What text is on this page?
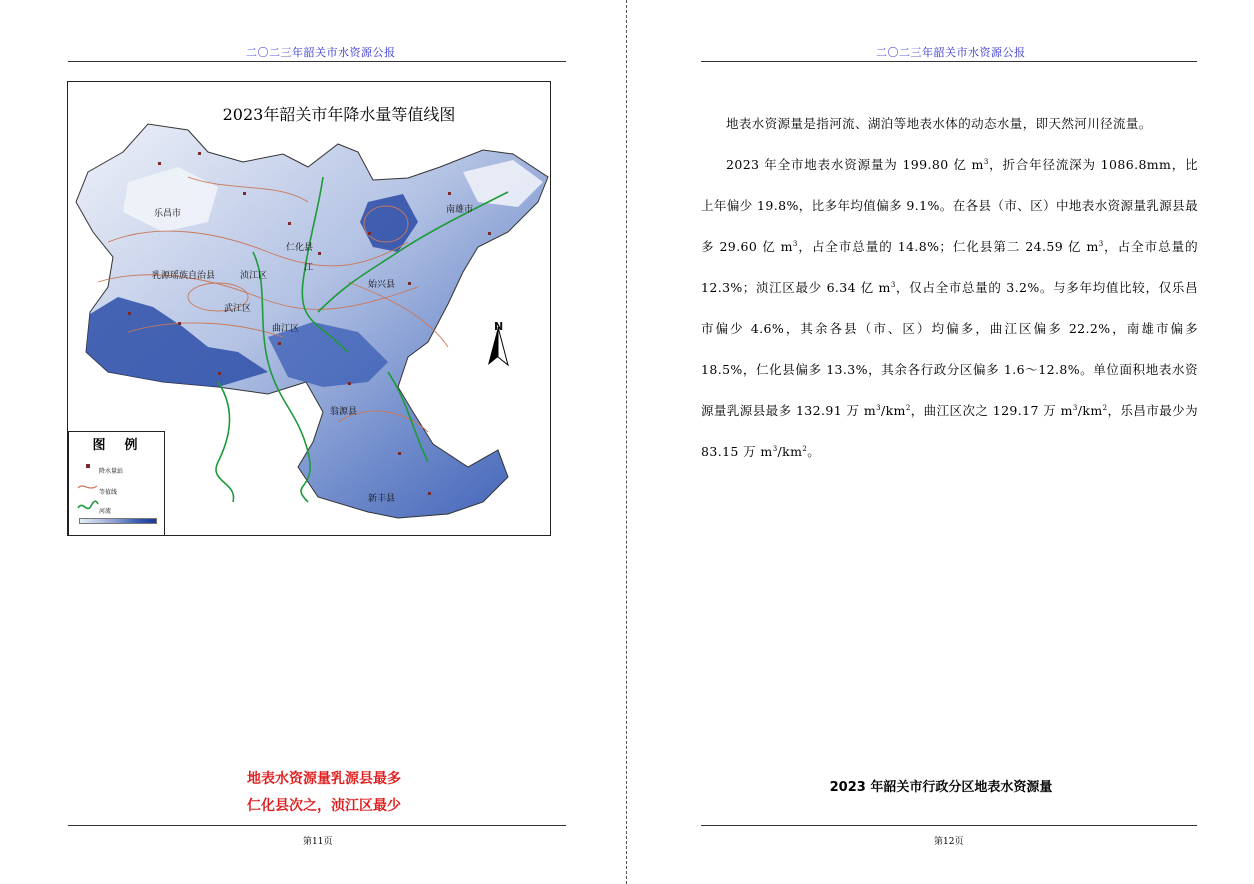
二〇二三年韶关市水资源公报
2023年韶关市年降水量等值线图
N
乐昌市	南雄市
仁化县
乳源瑶族自治县	浈江区
武江区
曲江区
始兴县
翁源县
新丰县
江
图　例
降水量站
等值线
河流
地表水资源量乳源县最多
仁化县次之，浈江区最少
第11页
二〇二三年韶关市水资源公报

地表水资源量是指河流、湖泊等地表水体的动态水量，即天然河川径流量。

2023 年全市地表水资源量为 199.80 亿 $m^3$，折合年径流深为 1086.8mm，比上年偏少 19.8%，比多年均值偏多 9.1%。在各县（市、区）中地表水资源量乳源县最多 29.60 亿 $m^3$，占全市总量的 14.8%；仁化县第二 24.59 亿 $m^3$，占全市总量的 12.3%；浈江区最少 6.34 亿 $m^3$，仅占全市总量的 3.2%。与多年均值比较，仅乐昌市偏少 4.6%，其余各县（市、区）均偏多，曲江区偏多 22.2%，南雄市偏多 18.5%，仁化县偏多 13.3%，其余各行政分区偏多 1.6～12.8%。单位面积地表水资源量乳源县最多 132.91 万 $m^3/km^2$，曲江区次之 129.17 万 $m^3/km^2$，乐昌市最少为 83.15 万 $m^3/km^2$。

2023 年韶关市行政分区地表水资源量
第12页
